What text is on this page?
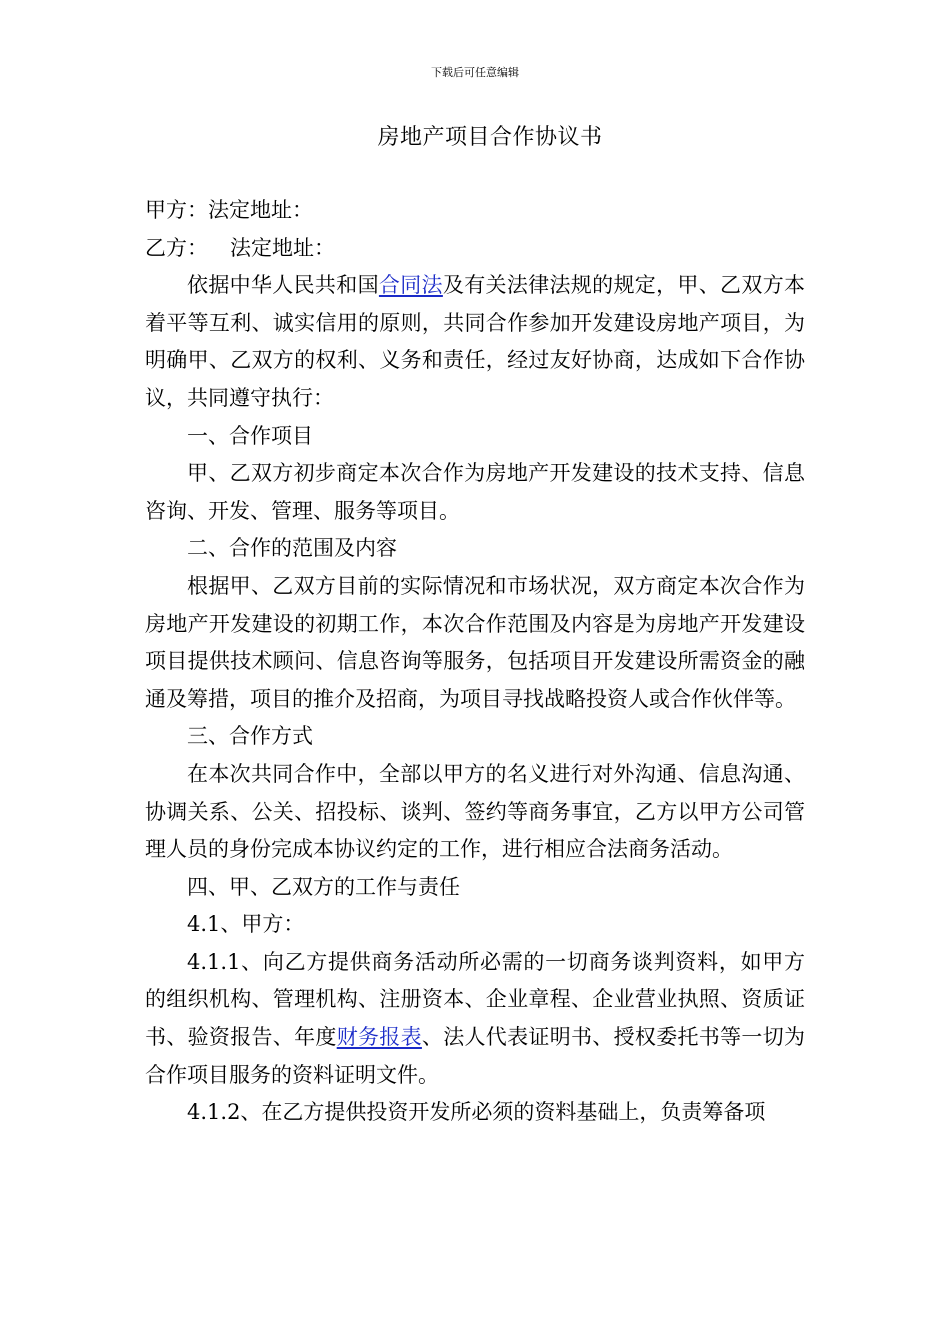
下载后可任意编辑
房地产项目合作协议书

甲方：法定地址：

乙方： 法定地址：

依据中华人民共和国合同法及有关法律法规的规定，甲、乙双方本着平等互利、诚实信用的原则，共同合作参加开发建设房地产项目，为明确甲、乙双方的权利、义务和责任，经过友好协商，达成如下合作协议，共同遵守执行：

一、合作项目

甲、乙双方初步商定本次合作为房地产开发建设的技术支持、信息咨询、开发、管理、服务等项目。

二、合作的范围及内容

根据甲、乙双方目前的实际情况和市场状况，双方商定本次合作为房地产开发建设的初期工作，本次合作范围及内容是为房地产开发建设项目提供技术顾问、信息咨询等服务，包括项目开发建设所需资金的融通及筹措，项目的推介及招商，为项目寻找战略投资人或合作伙伴等。

三、合作方式

在本次共同合作中，全部以甲方的名义进行对外沟通、信息沟通、协调关系、公关、招投标、谈判、签约等商务事宜，乙方以甲方公司管理人员的身份完成本协议约定的工作，进行相应合法商务活动。

四、甲、乙双方的工作与责任

4.1、甲方：

4.1.1、向乙方提供商务活动所必需的一切商务谈判资料，如甲方的组织机构、管理机构、注册资本、企业章程、企业营业执照、资质证书、验资报告、年度财务报表、法人代表证明书、授权委托书等一切为合作项目服务的资料证明文件。

4.1.2、在乙方提供投资开发所必须的资料基础上，负责筹备项
